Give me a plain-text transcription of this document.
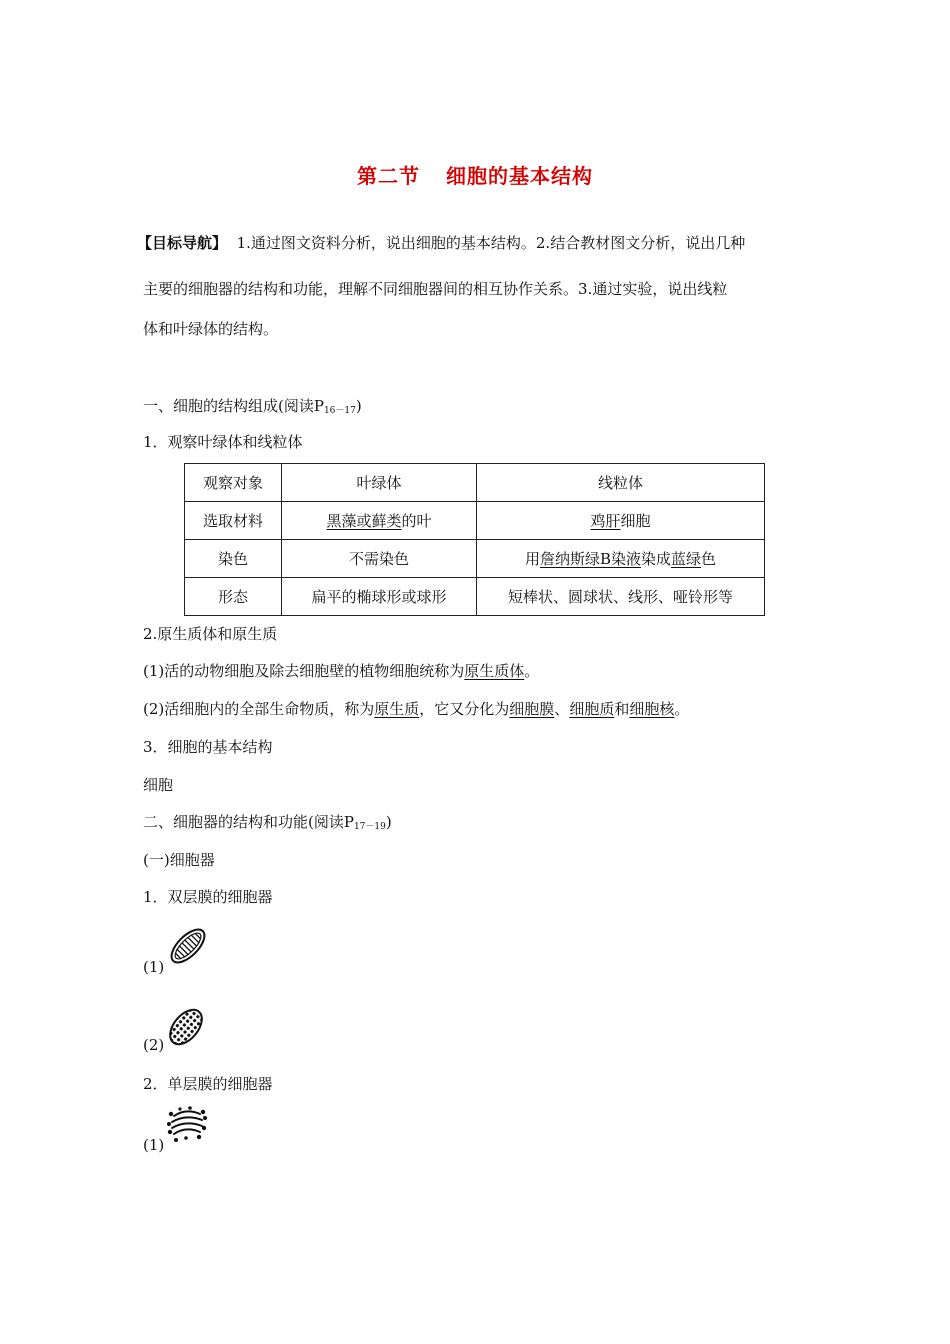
第二节 细胞的基本结构
【目标导航】 1.通过图文资料分析，说出细胞的基本结构。2.结合教材图文分析，说出几种
主要的细胞器的结构和功能，理解不同细胞器间的相互协作关系。3.通过实验，说出线粒
体和叶绿体的结构。
一、细胞的结构组成(阅读$P_{16-17}$)
1．观察叶绿体和线粒体
观察对象	叶绿体	线粒体
选取材料	黑藻或藓类的叶	鸡肝细胞
染色	不需染色	用詹纳斯绿B染液染成蓝绿色
形态	扁平的椭球形或球形	短棒状、圆球状、线形、哑铃形等
2.原生质体和原生质
(1)活的动物细胞及除去细胞壁的植物细胞统称为原生质体。
(2)活细胞内的全部生命物质，称为原生质，它又分化为细胞膜、细胞质和细胞核。
3．细胞的基本结构
细胞
二、细胞器的结构和功能(阅读$P_{17-19}$)
(一)细胞器
1．双层膜的细胞器
(1)
(2)
2．单层膜的细胞器
(1)
